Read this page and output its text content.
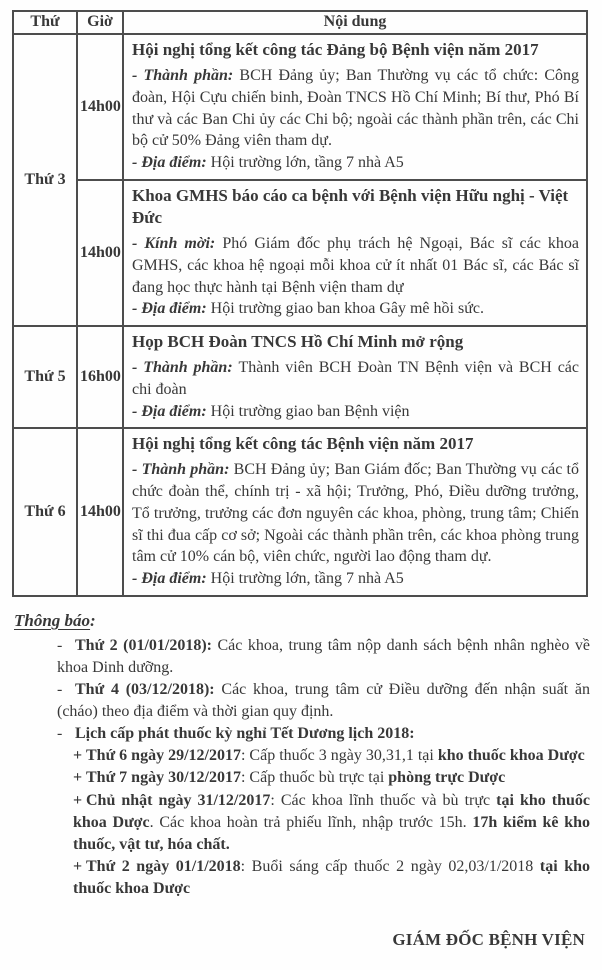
Thứ	Giờ	Nội dung
Thứ 3	14h00	Hội nghị tổng kết công tác Đảng bộ Bệnh viện năm 2017

- Thành phần: BCH Đảng ủy; Ban Thường vụ các tổ chức: Công đoàn, Hội Cựu chiến binh, Đoàn TNCS Hồ Chí Minh; Bí thư, Phó Bí thư và các Ban Chi ủy các Chi bộ; ngoài các thành phần trên, các Chi bộ cử 50% Đảng viên tham dự.

- Địa điểm: Hội trường lớn, tầng 7 nhà A5

	14h00	Khoa GMHS báo cáo ca bệnh với Bệnh viện Hữu nghị - Việt Đức

- Kính mời: Phó Giám đốc phụ trách hệ Ngoại, Bác sĩ các khoa GMHS, các khoa hệ ngoại mỗi khoa cử ít nhất 01 Bác sĩ, các Bác sĩ đang học thực hành tại Bệnh viện tham dự

- Địa điểm: Hội trường giao ban khoa Gây mê hồi sức.

Thứ 5	16h00	Họp BCH Đoàn TNCS Hồ Chí Minh mở rộng

- Thành phần: Thành viên BCH Đoàn TN Bệnh viện và BCH các chi đoàn

- Địa điểm: Hội trường giao ban Bệnh viện

Thứ 6	14h00	Hội nghị tổng kết công tác Bệnh viện năm 2017

- Thành phần: BCH Đảng ủy; Ban Giám đốc; Ban Thường vụ các tổ chức đoàn thể, chính trị - xã hội; Trưởng, Phó, Điều dưỡng trưởng, Tổ trưởng, trưởng các đơn nguyên các khoa, phòng, trung tâm; Chiến sĩ thi đua cấp cơ sở; Ngoài các thành phần trên, các khoa phòng trung tâm cử 10% cán bộ, viên chức, người lao động tham dự.

- Địa điểm: Hội trường lớn, tầng 7 nhà A5

Thông báo:
- Thứ 2 (01/01/2018): Các khoa, trung tâm nộp danh sách bệnh nhân nghèo về khoa Dinh dưỡng.
- Thứ 4 (03/12/2018): Các khoa, trung tâm cử Điều dưỡng đến nhận suất ăn (cháo) theo địa điểm và thời gian quy định.
- Lịch cấp phát thuốc kỳ nghỉ Tết Dương lịch 2018:
+ Thứ 6 ngày 29/12/2017: Cấp thuốc 3 ngày 30,31,1 tại kho thuốc khoa Dược
+ Thứ 7 ngày 30/12/2017: Cấp thuốc bù trực tại phòng trực Dược
+ Chủ nhật ngày 31/12/2017: Các khoa lĩnh thuốc và bù trực tại kho thuốc khoa Dược. Các khoa hoàn trả phiếu lĩnh, nhập trước 15h. 17h kiểm kê kho thuốc, vật tư, hóa chất.
+ Thứ 2 ngày 01/1/2018: Buổi sáng cấp thuốc 2 ngày 02,03/1/2018 tại kho thuốc khoa Dược
GIÁM ĐỐC BỆNH VIỆN
